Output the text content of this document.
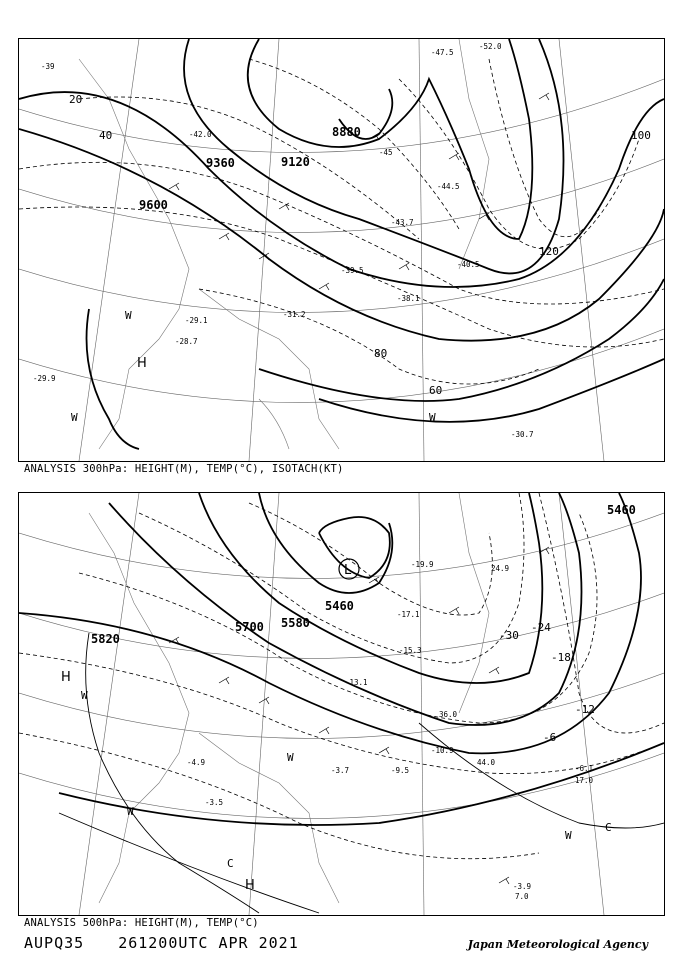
9600
9360	9120
8880
20
40
60
80
100
120
H
W
W	W
-39
-42.0
-45
-47.5
-52.0
-40.5
-43.7
-44.5
-38.1
-39.5
-31.2
-29.1
-28.7
-30.7
-29.9
ANALYSIS 300hPa: HEIGHT(M), TEMP(°C), ISOTACH(KT)
L
H
H
W
W
C
C
W
W
5820
5700 5580
5460
5460
-6
-12
-18
-24
-30
-19.9
-17.1
-15.3
-13.1
-10.9
-9.5	-6.1
-4.9
-3.9
-3.7
-3.5
24.9
36.0
44.0
7.0
17.0
ANALYSIS 500hPa: HEIGHT(M), TEMP(°C)
AUPQ35 261200UTC APR 2021	Japan Meteorological Agency
